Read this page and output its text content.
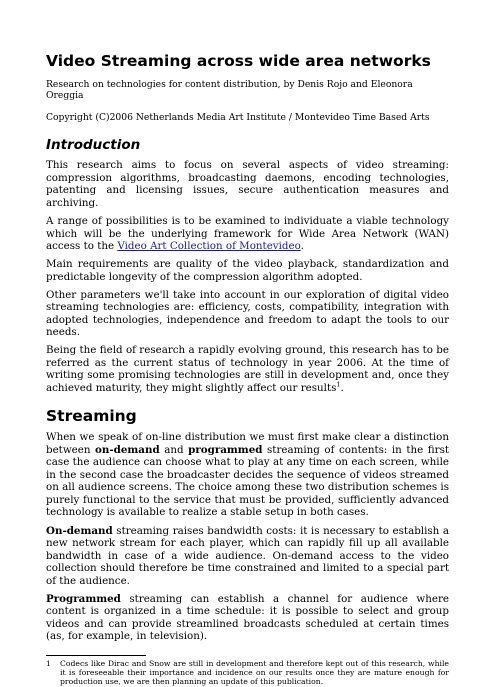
Video Streaming across wide area networks
Research on technologies for content distribution, by Denis Rojo and Eleonora Oreggia
Copyright (C)2006 Netherlands Media Art Institute / Montevideo Time Based Arts
Introduction

This research aims to focus on several aspects of video streaming: compression algorithms, broadcasting daemons, encoding technologies, patenting and licensing issues, secure authentication measures and archiving.

A range of possibilities is to be examined to individuate a viable technology which will be the underlying framework for Wide Area Network (WAN) access to the Video Art Collection of Montevideo.

Main requirements are quality of the video playback, standardization and predictable longevity of the compression algorithm adopted.

Other parameters we'll take into account in our exploration of digital video streaming technologies are: efficiency, costs, compatibility, integration with adopted technologies, independence and freedom to adapt the tools to our needs.

Being the field of research a rapidly evolving ground, this research has to be referred as the current status of technology in year 2006. At the time of writing some promising technologies are still in development and, once they achieved maturity, they might slightly affect our results$^1$.

Streaming

When we speak of on-line distribution we must first make clear a distinction between on-demand and programmed streaming of contents: in the first case the audience can choose what to play at any time on each screen, while in the second case the broadcaster decides the sequence of videos streamed on all audience screens. The choice among these two distribution schemes is purely functional to the service that must be provided, sufficiently advanced technology is available to realize a stable setup in both cases.

On-demand streaming raises bandwidth costs: it is necessary to establish a new network stream for each player, which can rapidly fill up all available bandwidth in case of a wide audience. On-demand access to the video collection should therefore be time constrained and limited to a special part of the audience.

Programmed streaming can establish a channel for audience where content is organized in a time schedule: it is possible to select and group videos and can provide streamlined broadcasts scheduled at certain times (as, for example, in television).

1	Codecs like Dirac and Snow are still in development and therefore kept out of this research, while it is foreseeable their importance and incidence on our results once they are mature enough for production use, we are then planning an update of this publication.
